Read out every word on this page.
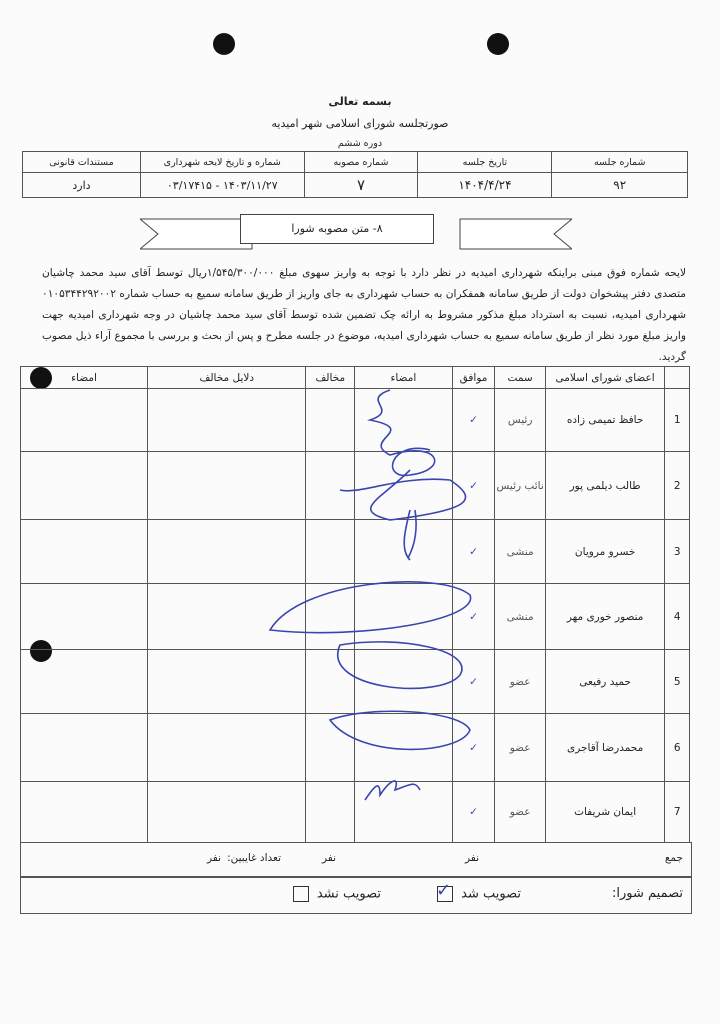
بسمه تعالی
صورتجلسه شورای اسلامی شهر امیدیه
دوره ششم
شماره جلسه	تاریخ جلسه	شماره مصوبه	شماره و تاریخ لایحه شهرداری	مستندات قانونی
۹۲	۱۴۰۴/۴/۲۴	۷	۱۴۰۳/۱۱/۲۷ - ۰۳/۱۷۴۱۵	دارد
۸- متن مصوبه شورا
لایحه شماره فوق مبنی براینکه شهرداری امیدیه در نظر دارد با توجه به واریز سهوی مبلغ ۱/۵۴۵/۳۰۰/۰۰۰ریال توسط آقای سید محمد چاشیان متصدی دفتر پیشخوان دولت از طریق سامانه همفکران به حساب شهرداری به جای واریز از طریق سامانه سمیع به حساب شماره ۰۱۰۵۳۴۴۲۹۲۰۰۲ شهرداری امیدیه، نسبت به استرداد مبلغ مذکور مشروط به ارائه چک تضمین شده توسط آقای سید محمد چاشیان در وجه شهرداری امیدیه جهت واریز مبلغ مورد نظر از طریق سامانه سمیع به حساب شهرداری امیدیه، موضوع در جلسه مطرح و پس از بحث و بررسی با مجموع آراء ذیل مصوب گردید.
	اعضای شورای اسلامی	سمت	موافق	امضاء	مخالف	دلایل مخالف	امضاء
1	حافظ تمیمی زاده	رئیس	✓				
2	طالب دیلمی پور	نائب رئیس	✓				
3	خسرو مرویان	منشی	✓				
4	منصور خوری مهر	منشی	✓				
5	حمید رفیعی	عضو	✓				
6	محمدرضا آقاجری	عضو	✓				
7	ایمان شریفات	عضو	✓				
جمع
نفر
نفر
تعداد غایبین:
نفر
تصمیم شورا:
تصویب شد
✓
تصویب نشد
